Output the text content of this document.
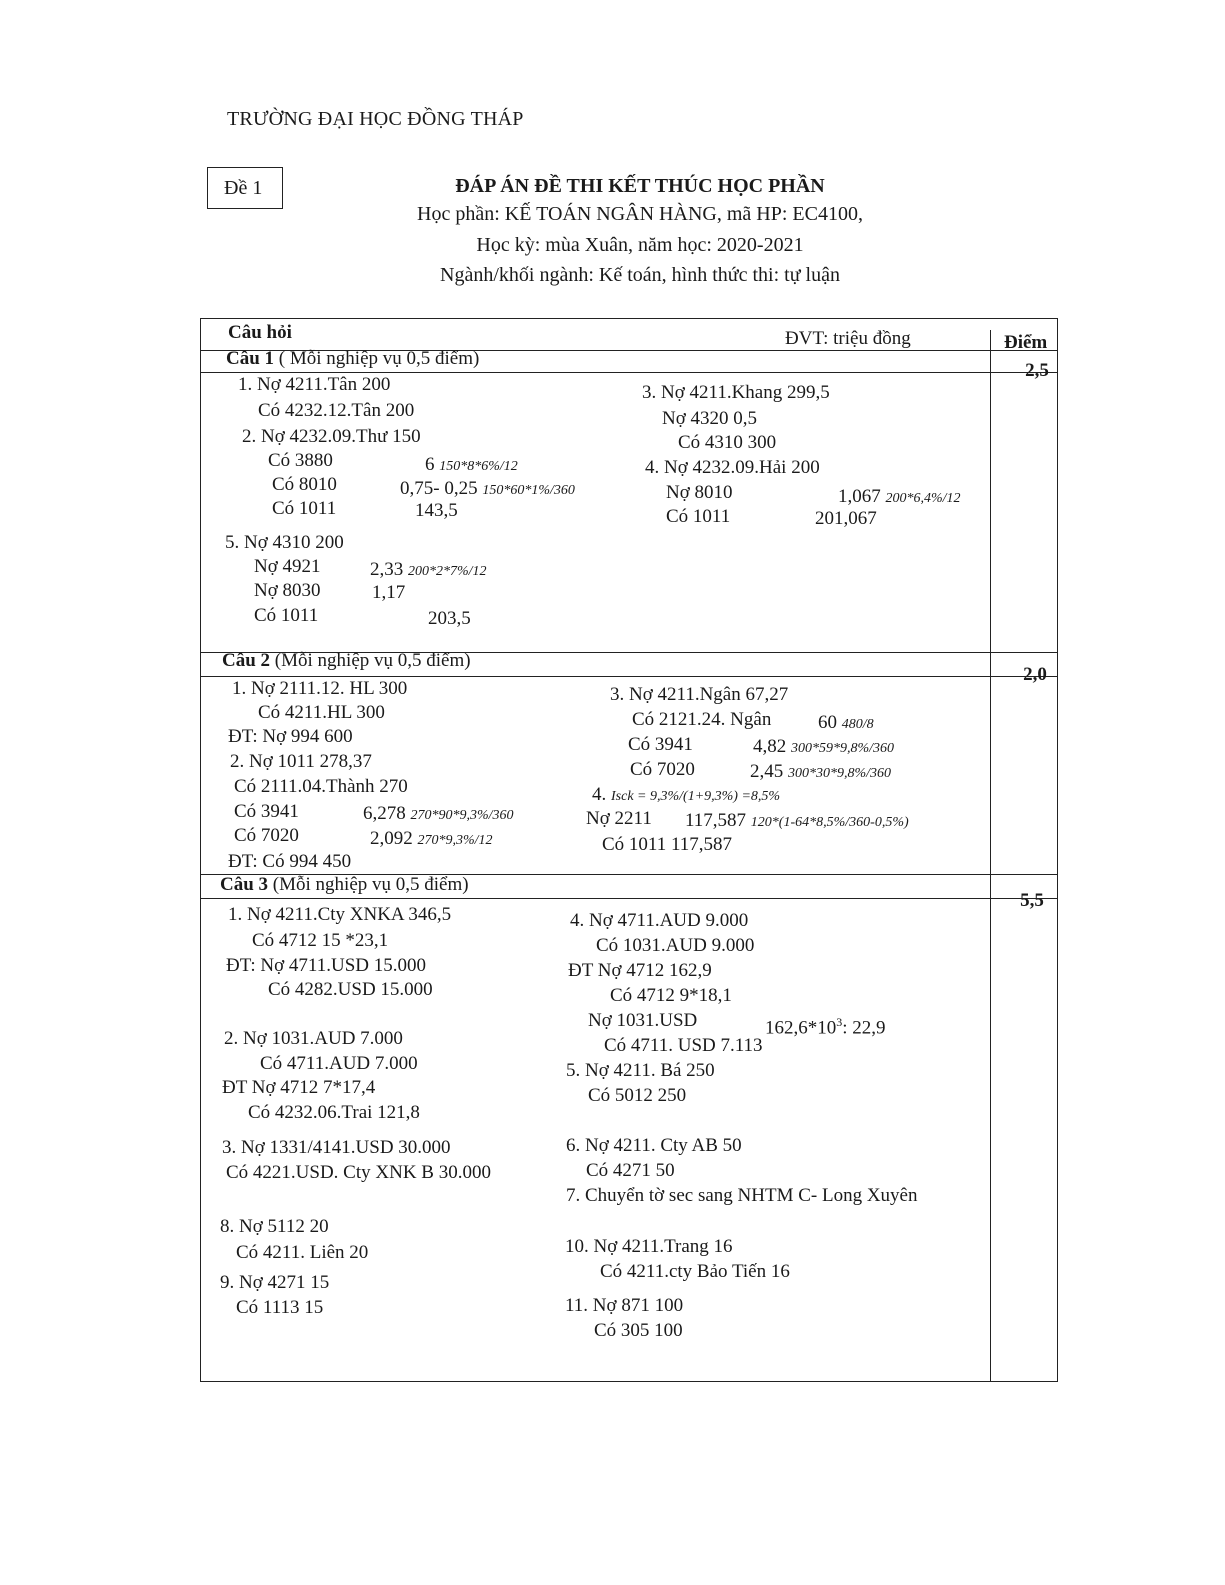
TRƯỜNG ĐẠI HỌC ĐỒNG THÁP
Đề 1	ĐÁP ÁN ĐỀ THI KẾT THÚC HỌC PHẦN
Học phần: KẾ TOÁN NGÂN HÀNG, mã HP: EC4100,
Học kỳ: mùa Xuân, năm học: 2020-2021
Ngành/khối ngành: Kế toán, hình thức thi: tự luận
Câu hỏi	ĐVT: triệu đồng	Điểm
Câu 1 ( Mỗi nghiệp vụ 0,5 điểm)
2,5
1. Nợ 4211.Tân 200
Có 4232.12.Tân 200
2. Nợ 4232.09.Thư 150
Có 3880	6 150*8*6%/12
Có 8010	0,75- 0,25 150*60*1%/360
Có 1011	143,5
3. Nợ 4211.Khang 299,5
Nợ 4320 0,5
Có 4310 300
4. Nợ 4232.09.Hải 200
Nợ 8010	1,067 200*6,4%/12
Có 1011	201,067
5. Nợ 4310 200
Nợ 4921	2,33 200*2*7%/12
Nợ 8030	1,17
Có 1011	203,5
Câu 2 (Mỗi nghiệp vụ 0,5 điểm)
2,0
1. Nợ 2111.12. HL 300
Có 4211.HL 300
ĐT: Nợ 994 600
2. Nợ 1011 278,37
Có 2111.04.Thành 270
Có 3941	6,278 270*90*9,3%/360
Có 7020	2,092 270*9,3%/12
ĐT: Có 994 450
3. Nợ 4211.Ngân 67,27
Có 2121.24. Ngân 60 480/8
Có 3941	4,82 300*59*9,8%/360
Có 7020	2,45 300*30*9,8%/360
4. Isck = 9,3%/(1+9,3%) =8,5%
Nợ 2211 117,587 120*(1-64*8,5%/360-0,5%)
Có 1011 117,587
Câu 3 (Mỗi nghiệp vụ 0,5 điểm)
5,5
1. Nợ 4211.Cty XNKA 346,5
Có 4712 15 *23,1
ĐT: Nợ 4711.USD 15.000
Có 4282.USD 15.000
2. Nợ 1031.AUD 7.000
Có 4711.AUD 7.000
ĐT Nợ 4712 7*17,4
Có 4232.06.Trai 121,8
3. Nợ 1331/4141.USD 30.000
Có 4221.USD. Cty XNK B 30.000
4. Nợ 4711.AUD 9.000
Có 1031.AUD 9.000
ĐT Nợ 4712 162,9
Có 4712 9*18,1
Nợ 1031.USD	$162,6*10^3$: 22,9
Có 4711. USD 7.113
5. Nợ 4211. Bá 250
Có 5012 250
6. Nợ 4211. Cty AB 50
Có 4271 50
7. Chuyển tờ sec sang NHTM C- Long Xuyên
8. Nợ 5112 20
Có 4211. Liên 20
9. Nợ 4271 15
Có 1113 15
10. Nợ 4211.Trang 16
Có 4211.cty Bảo Tiến 16
11. Nợ 871 100
Có 305 100
